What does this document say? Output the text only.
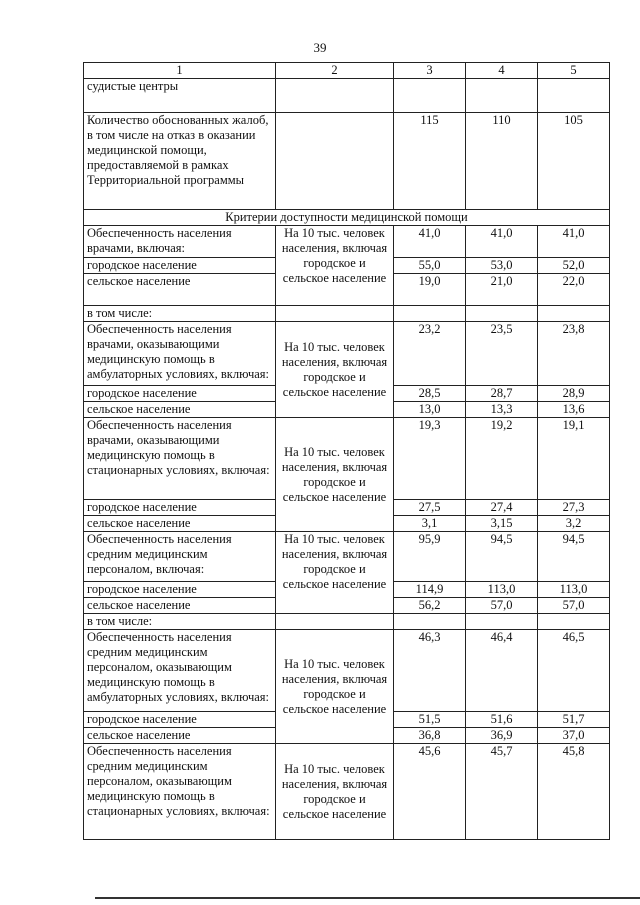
39
1	2	3	4	5
судистые центры				
Количество обоснованных жалоб, в том числе на отказ в оказании медицинской помощи, предоставляемой в рамках Территориальной программы		115	110	105
Критерии доступности медицинской помощи				
Обеспеченность населения врачами, включая:	На 10 тыс. человек населения, включая городское и сельское население	41,0	41,0	41,0
городское население		55,0	53,0	52,0
сельское население		19,0	21,0	22,0
в том числе:				
Обеспеченность населения врачами, оказывающими медицинскую помощь в амбулаторных условиях, включая:	На 10 тыс. человек населения, включая городское и сельское население	23,2	23,5	23,8
городское население		28,5	28,7	28,9
сельское население		13,0	13,3	13,6
Обеспеченность населения врачами, оказывающими медицинскую помощь в стационарных условиях, включая:	На 10 тыс. человек населения, включая городское и сельское население	19,3	19,2	19,1
городское население		27,5	27,4	27,3
сельское население		3,1	3,15	3,2
Обеспеченность населения средним медицинским персоналом, включая:	На 10 тыс. человек населения, включая городское и сельское население	95,9	94,5	94,5
городское население		114,9	113,0	113,0
сельское население		56,2	57,0	57,0
в том числе:				
Обеспеченность населения средним медицинским персоналом, оказывающим медицинскую помощь в амбулаторных условиях, включая:	На 10 тыс. человек населения, включая городское и сельское население	46,3	46,4	46,5
городское население		51,5	51,6	51,7
сельское население		36,8	36,9	37,0
Обеспеченность населения средним медицинским персоналом, оказывающим медицинскую помощь в стационарных условиях, включая:	На 10 тыс. человек населения, включая городское и сельское население	45,6	45,7	45,8
